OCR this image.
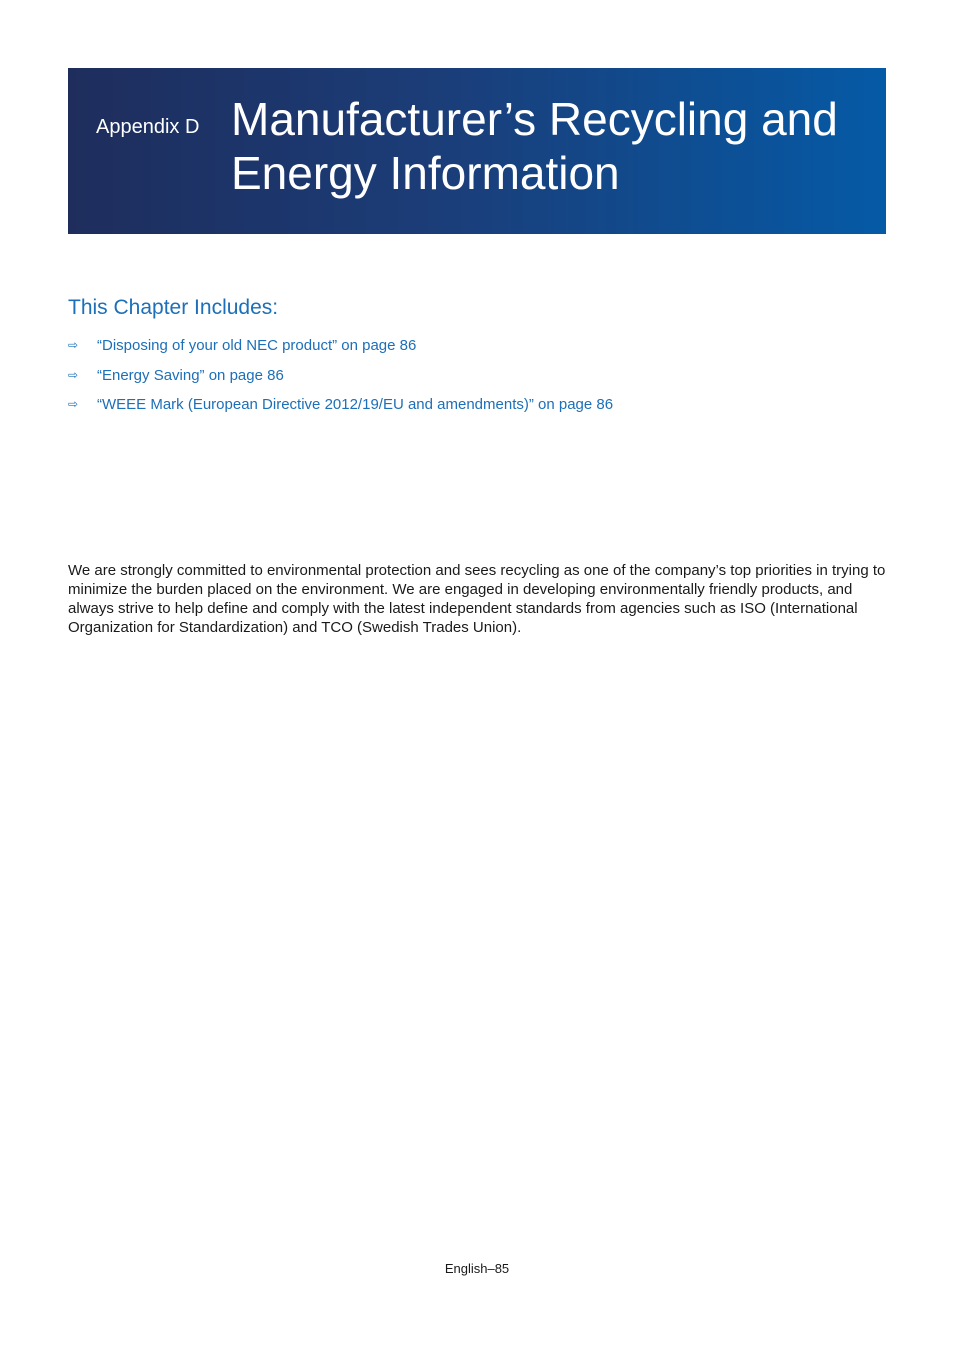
Appendix D Manufacturer’s Recycling and Energy Information
This Chapter Includes:
⇨ “Disposing of your old NEC product” on page 86
⇨ “Energy Saving” on page 86
⇨ “WEEE Mark (European Directive 2012/19/EU and amendments)” on page 86

We are strongly committed to environmental protection and sees recycling as one of the company’s top priorities in trying to minimize the burden placed on the environment. We are engaged in developing environmentally friendly products, and always strive to help define and comply with the latest independent standards from agencies such as ISO (International Organization for Standardization) and TCO (Swedish Trades Union).

English–85
